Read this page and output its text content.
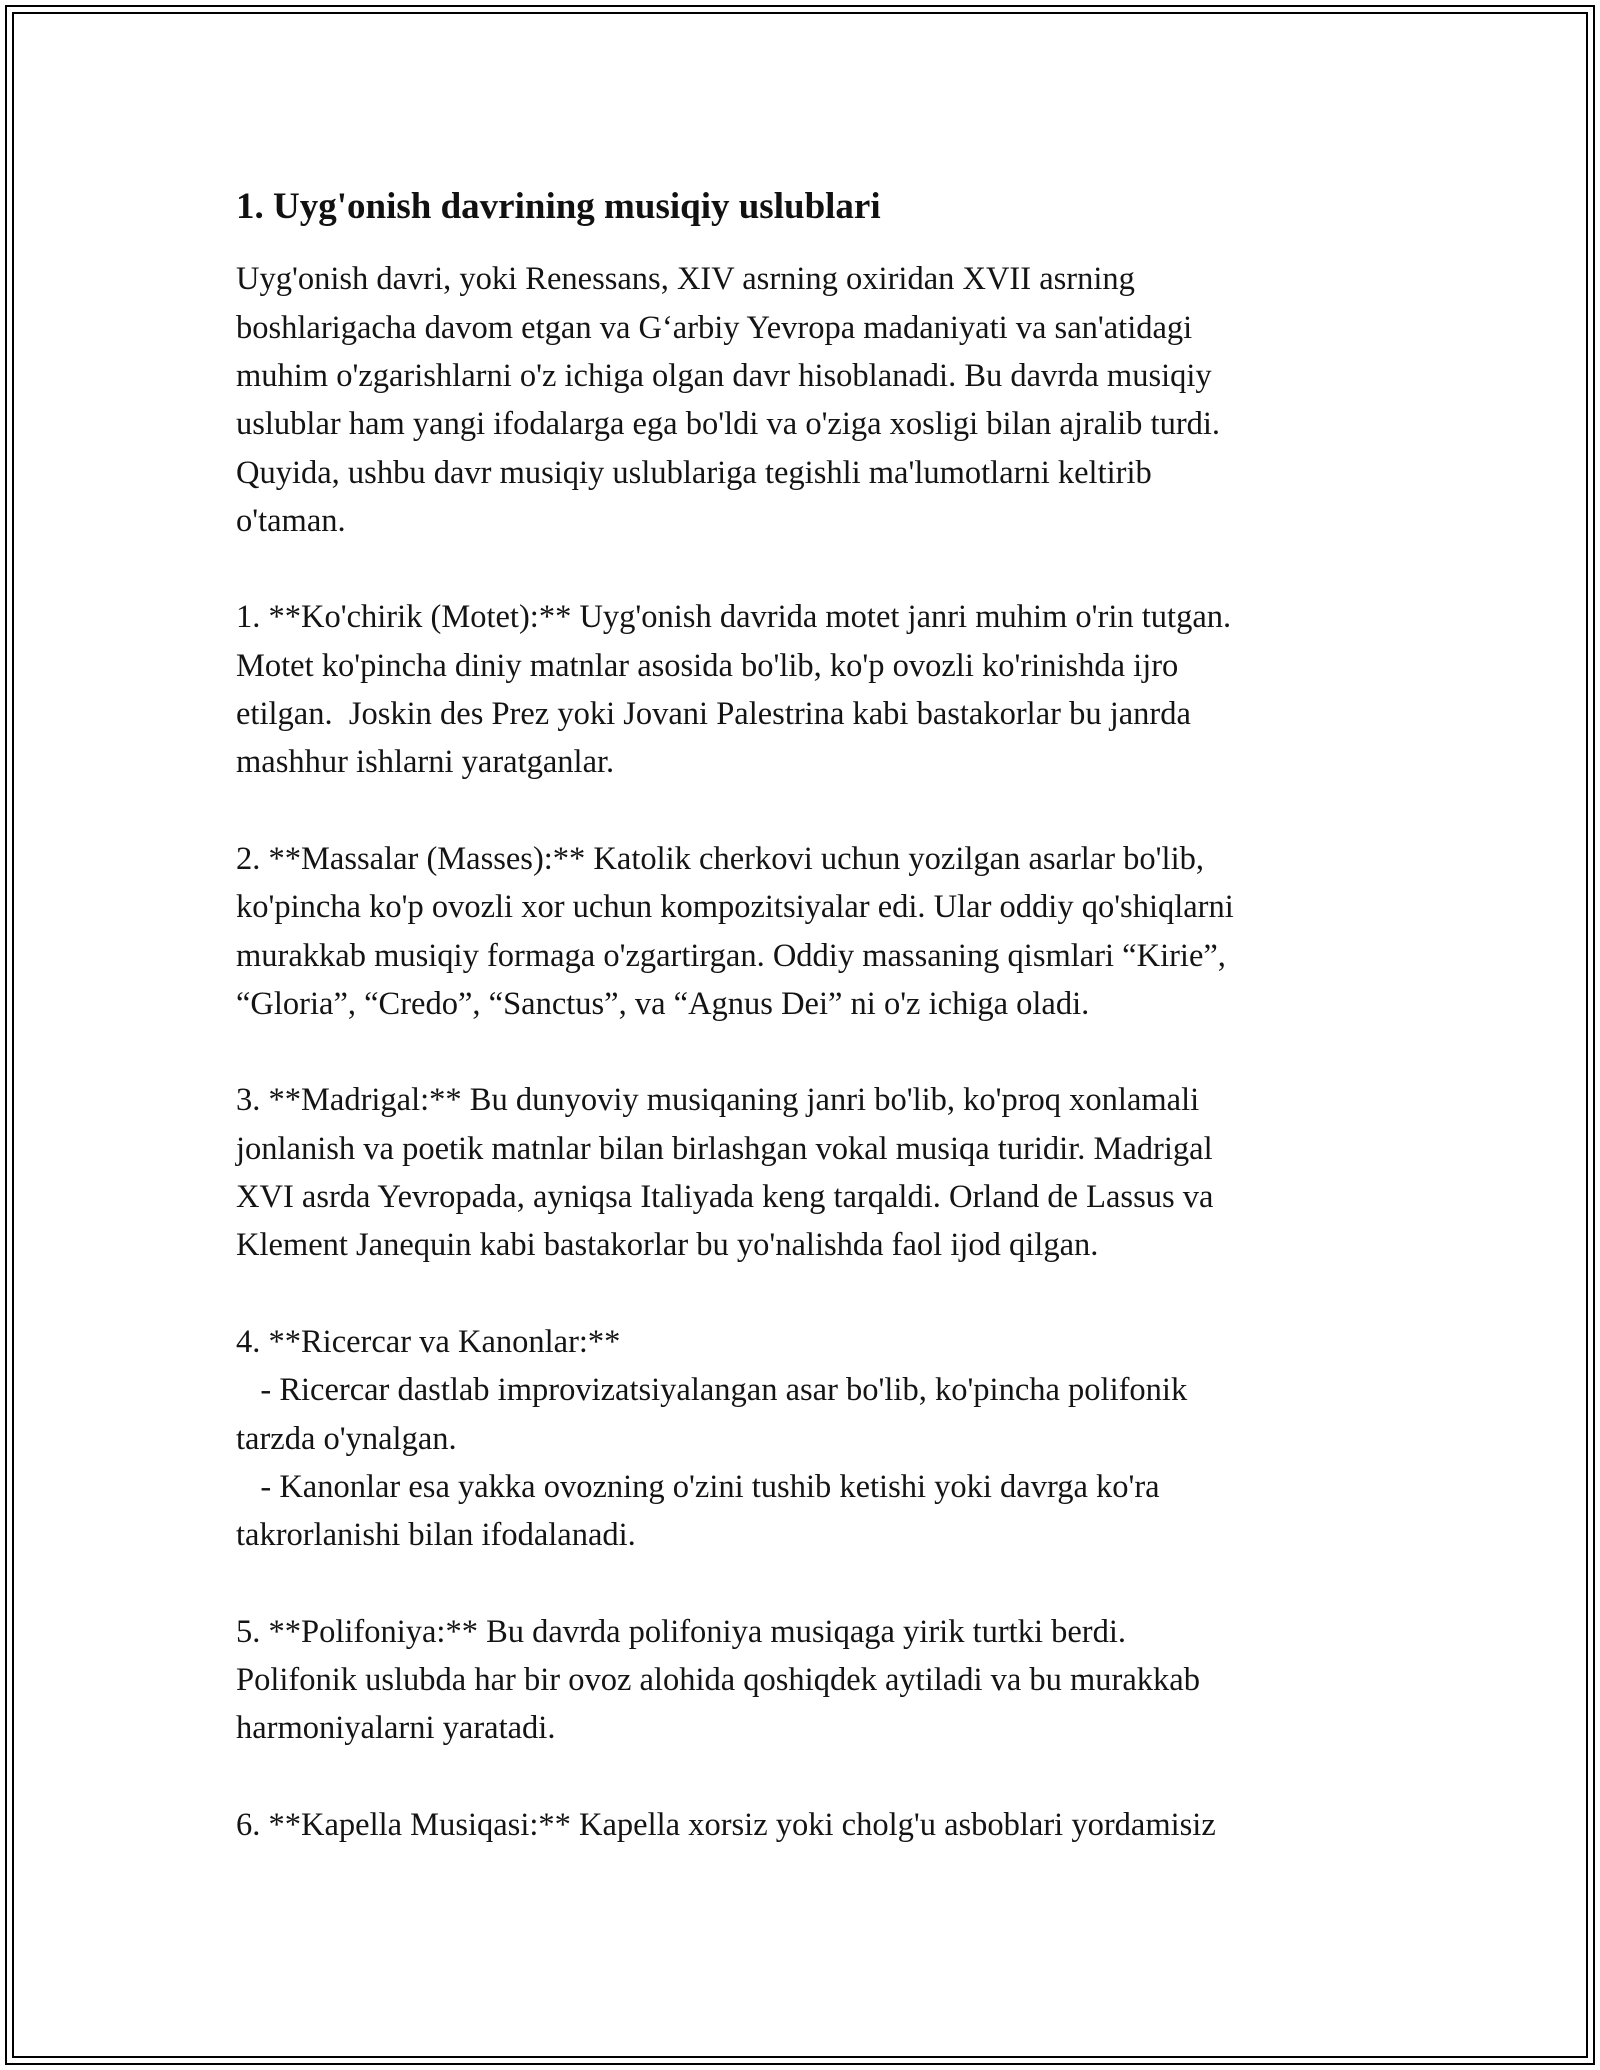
1. Uyg'onish davrining musiqiy uslublari
Uyg'onish davri, yoki Renessans, XIV asrning oxiridan XVII asrning
boshlarigacha davom etgan va G‘arbiy Yevropa madaniyati va san'atidagi
muhim o'zgarishlarni o'z ichiga olgan davr hisoblanadi. Bu davrda musiqiy
uslublar ham yangi ifodalarga ega bo'ldi va o'ziga xosligi bilan ajralib turdi.
Quyida, ushbu davr musiqiy uslublariga tegishli ma'lumotlarni keltirib
o'taman.
1. **Ko'chirik (Motet):** Uyg'onish davrida motet janri muhim o'rin tutgan.
Motet ko'pincha diniy matnlar asosida bo'lib, ko'p ovozli ko'rinishda ijro
etilgan.  Joskin des Prez yoki Jovani Palestrina kabi bastakorlar bu janrda
mashhur ishlarni yaratganlar.
2. **Massalar (Masses):** Katolik cherkovi uchun yozilgan asarlar bo'lib,
ko'pincha ko'p ovozli xor uchun kompozitsiyalar edi. Ular oddiy qo'shiqlarni
murakkab musiqiy formaga o'zgartirgan. Oddiy massaning qismlari “Kirie”,
“Gloria”, “Credo”, “Sanctus”, va “Agnus Dei” ni o'z ichiga oladi.
3. **Madrigal:** Bu dunyoviy musiqaning janri bo'lib, ko'proq xonlamali
jonlanish va poetik matnlar bilan birlashgan vokal musiqa turidir. Madrigal
XVI asrda Yevropada, ayniqsa Italiyada keng tarqaldi. Orland de Lassus va
Klement Janequin kabi bastakorlar bu yo'nalishda faol ijod qilgan.
4. **Ricercar va Kanonlar:**
- Ricercar dastlab improvizatsiyalangan asar bo'lib, ko'pincha polifonik
tarzda o'ynalgan.
- Kanonlar esa yakka ovozning o'zini tushib ketishi yoki davrga ko'ra
takrorlanishi bilan ifodalanadi.
5. **Polifoniya:** Bu davrda polifoniya musiqaga yirik turtki berdi.
Polifonik uslubda har bir ovoz alohida qoshiqdek aytiladi va bu murakkab
harmoniyalarni yaratadi.
6. **Kapella Musiqasi:** Kapella xorsiz yoki cholg'u asboblari yordamisiz
